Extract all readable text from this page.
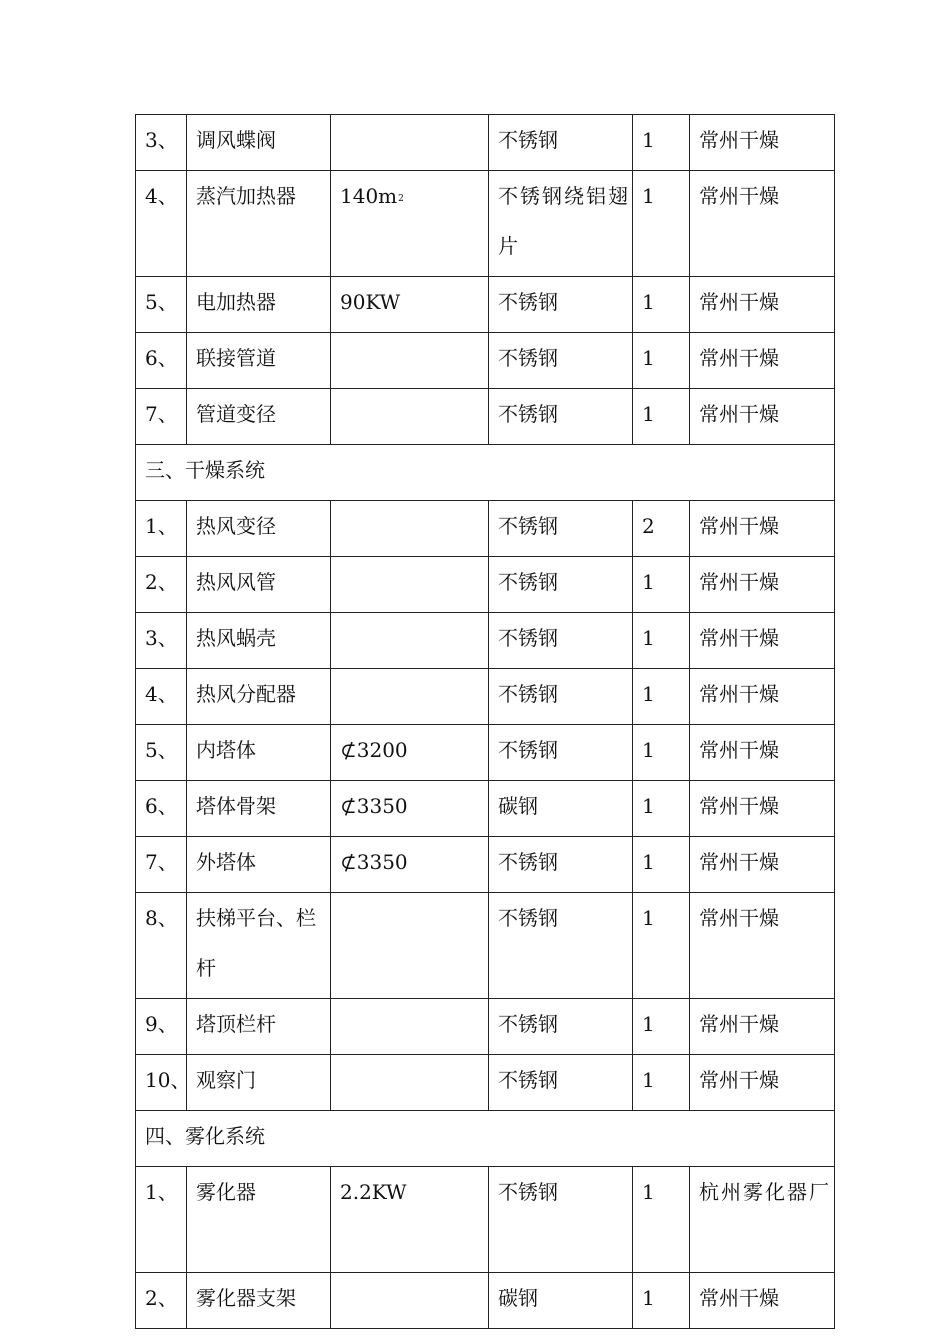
3、	调风蝶阀		不锈钢	1	常州干燥

4、	蒸汽加热器	$140m^2$	不锈钢绕铝翅片	1	常州干燥

5、	电加热器	90KW	不锈钢	1	常州干燥

6、	联接管道		不锈钢	1	常州干燥

7、	管道变径		不锈钢	1	常州干燥

三、干燥系统					

1、	热风变径		不锈钢	2	常州干燥

2、	热风风管		不锈钢	1	常州干燥

3、	热风蜗壳		不锈钢	1	常州干燥

4、	热风分配器		不锈钢	1	常州干燥

5、	内塔体	⊄3200	不锈钢	1	常州干燥

6、	塔体骨架	⊄3350	碳钢	1	常州干燥

7、	外塔体	⊄3350	不锈钢	1	常州干燥

8、	扶梯平台、栏杆		不锈钢	1	常州干燥

9、	塔顶栏杆		不锈钢	1	常州干燥

10、	观察门		不锈钢	1	常州干燥

四、雾化系统					

1、	雾化器	2.2KW	不锈钢	1	杭州雾化器厂

2、	雾化器支架		碳钢	1	常州干燥
